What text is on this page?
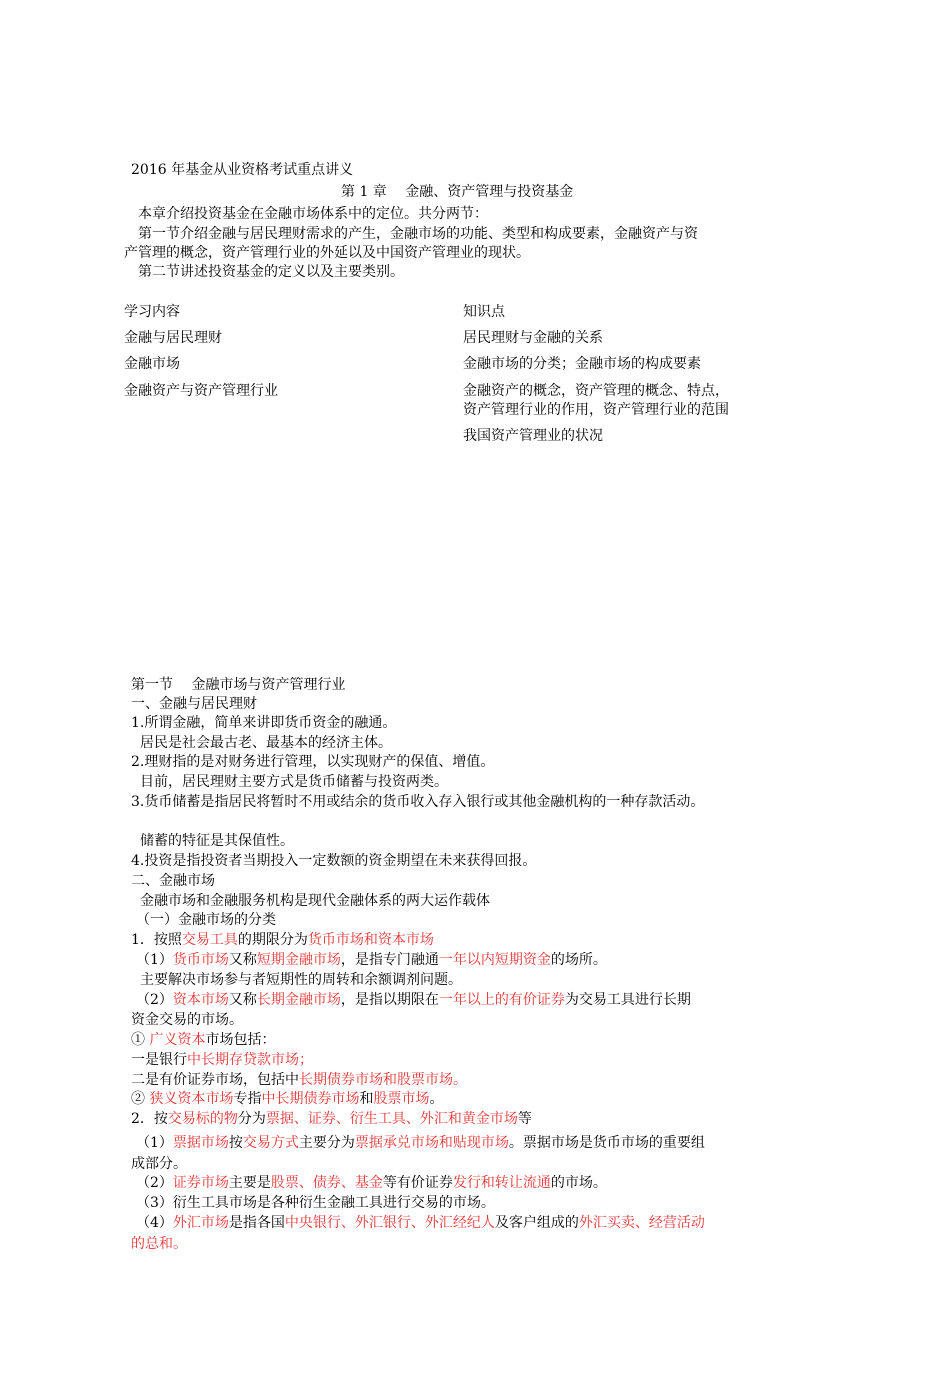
2016 年基金从业资格考试重点讲义
第 1 章　 金融、资产管理与投资基金
本章介绍投资基金在金融市场体系中的定位。共分两节：
第一节介绍金融与居民理财需求的产生，金融市场的功能、类型和构成要素，金融资产与资
产管理的概念，资产管理行业的外延以及中国资产管理业的现状。
第二节讲述投资基金的定义以及主要类别。
学习内容	知识点
金融与居民理财	居民理财与金融的关系
金融市场	金融市场的分类；金融市场的构成要素
金融资产与资产管理行业	金融资产的概念，资产管理的概念、特点，
资产管理行业的作用，资产管理行业的范围
我国资产管理业的状况
第一节　 金融市场与资产管理行业
一、金融与居民理财
1.所谓金融，简单来讲即货币资金的融通。
居民是社会最古老、最基本的经济主体。
2.理财指的是对财务进行管理，以实现财产的保值、增值。
目前，居民理财主要方式是货币储蓄与投资两类。
3.货币储蓄是指居民将暂时不用或结余的货币收入存入银行或其他金融机构的一种存款活动。
储蓄的特征是其保值性。
4.投资是指投资者当期投入一定数额的资金期望在未来获得回报。
二、金融市场
金融市场和金融服务机构是现代金融体系的两大运作载体
（一）金融市场的分类
1．按照交易工具的期限分为货币市场和资本市场
（1）货币市场又称短期金融市场，是指专门融通一年以内短期资金的场所。
主要解决市场参与者短期性的周转和余额调剂问题。
（2）资本市场又称长期金融市场，是指以期限在一年以上的有价证券为交易工具进行长期
资金交易的市场。
① 广义资本市场包括：
一是银行中长期存贷款市场；
二是有价证券市场，包括中长期债券市场和股票市场。
② 狭义资本市场专指中长期债券市场和股票市场。
2．按交易标的物分为票据、证券、衍生工具、外汇和黄金市场等
（1）票据市场按交易方式主要分为票据承兑市场和贴现市场。票据市场是货币市场的重要组
成部分。
（2）证券市场主要是股票、债券、基金等有价证券发行和转让流通的市场。
（3）衍生工具市场是各种衍生金融工具进行交易的市场。
（4）外汇市场是指各国中央银行、外汇银行、外汇经纪人及客户组成的外汇买卖、经营活动
的总和。
